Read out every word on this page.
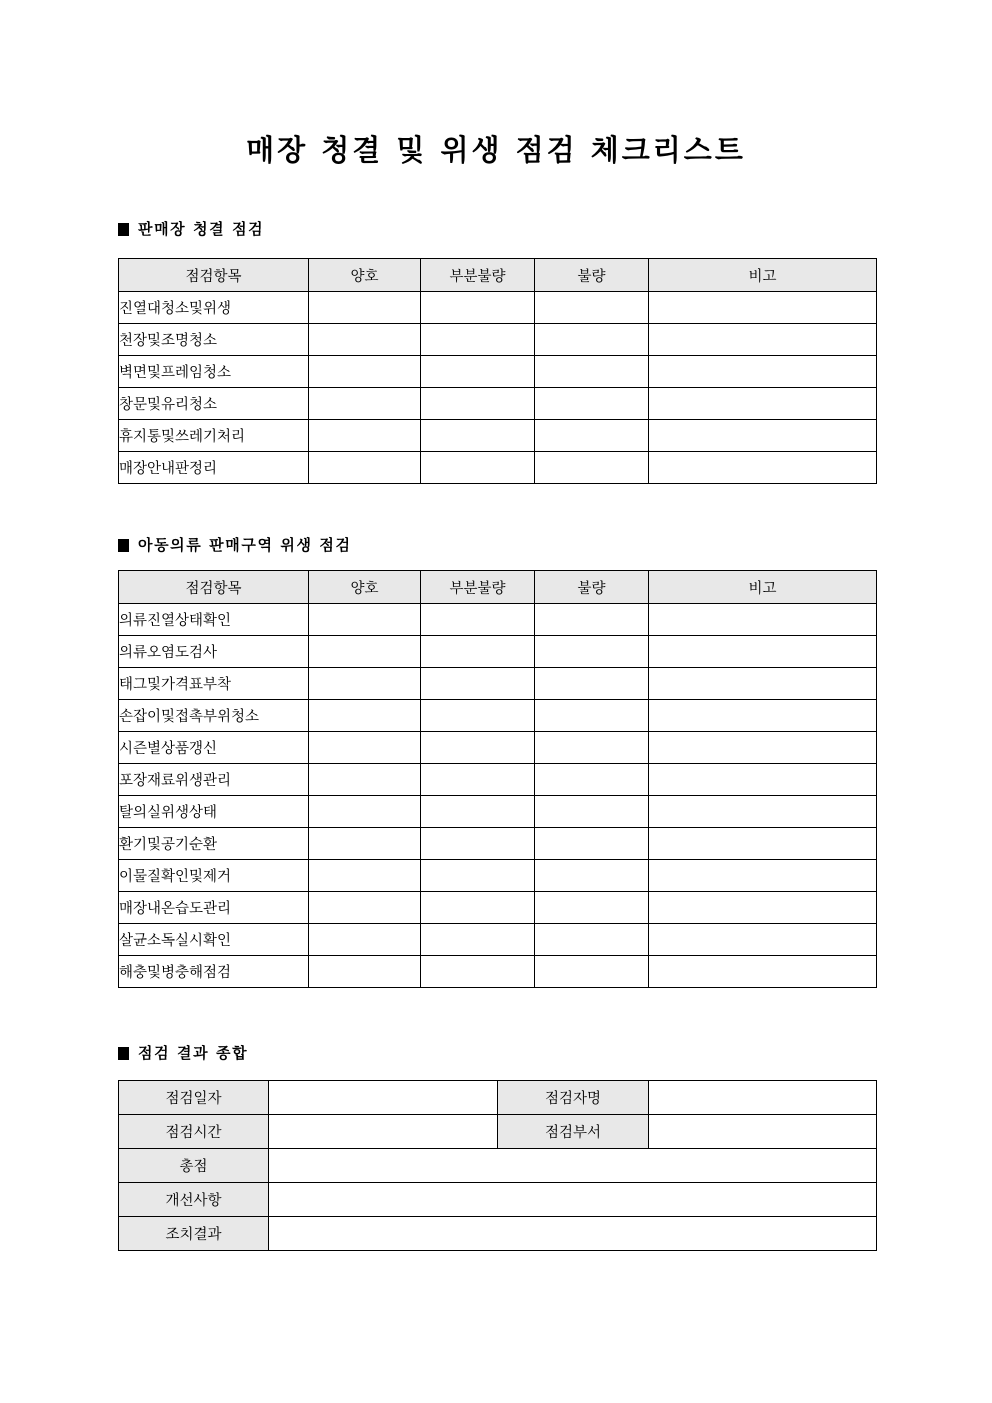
매장 청결 및 위생 점검 체크리스트
판매장 청결 점검
점검항목	양호	부분불량	불량	비고
진열대청소및위생				
천장및조명청소				
벽면및프레임청소				
창문및유리청소				
휴지통및쓰레기처리				
매장안내판정리				
아동의류 판매구역 위생 점검
점검항목	양호	부분불량	불량	비고
의류진열상태확인				
의류오염도검사				
태그및가격표부착				
손잡이및접촉부위청소				
시즌별상품갱신				
포장재료위생관리				
탈의실위생상태				
환기및공기순환				
이물질확인및제거				
매장내온습도관리				
살균소독실시확인				
해충및병충해점검				
점검 결과 종합
점검일자		점검자명	
점검시간		점검부서	
총점			
개선사항			
조치결과			
